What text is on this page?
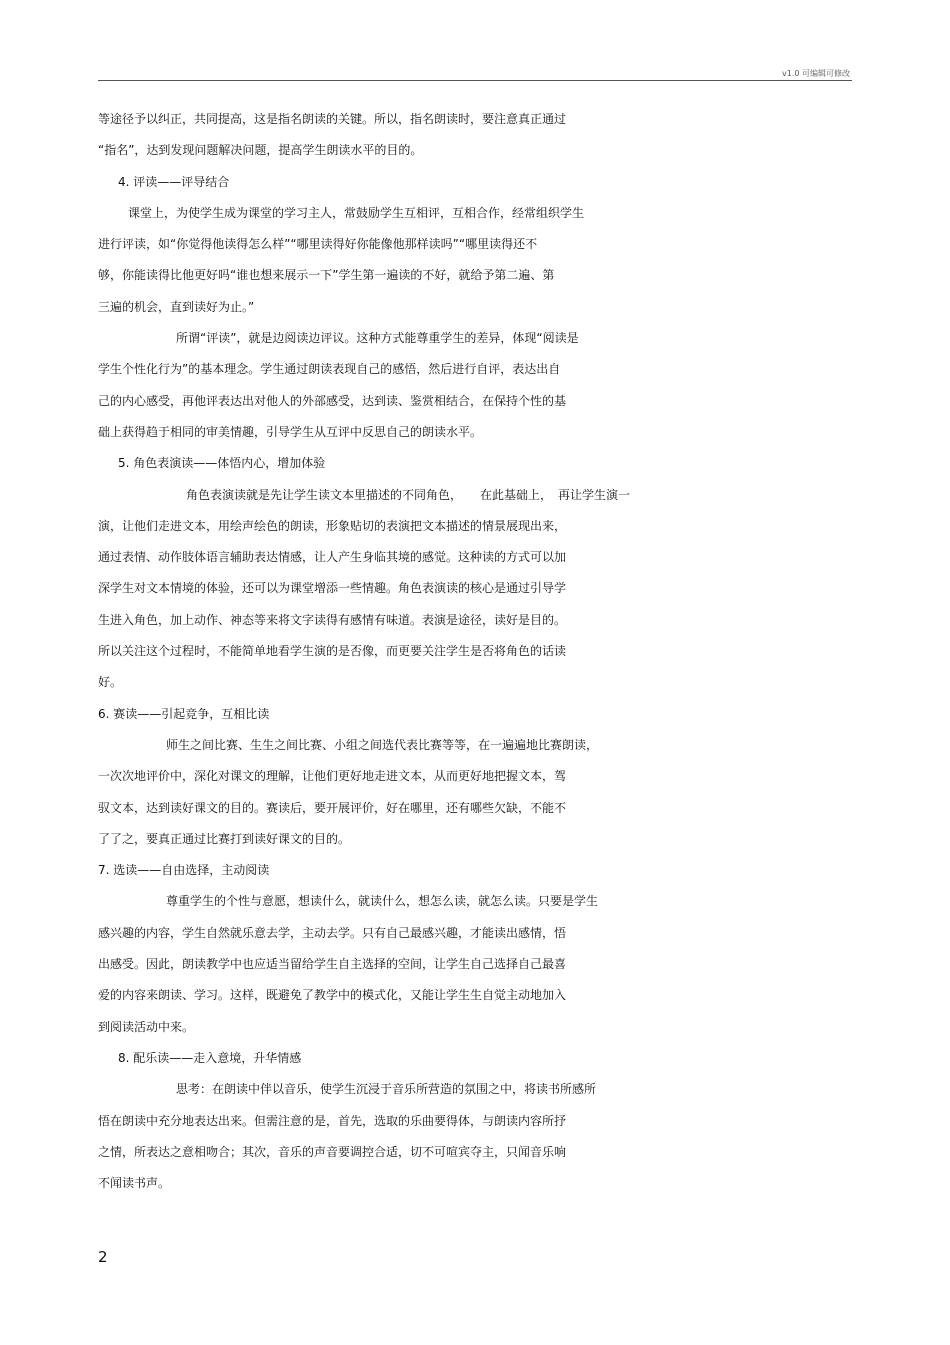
v1.0 可编辑可修改
等途径予以纠正，共同提高，这是指名朗读的关键。所以，指名朗读时，要注意真正通过
“指名”，达到发现问题解决问题，提高学生朗读水平的目的。
4. 评读——评导结合
课堂上，为使学生成为课堂的学习主人，常鼓励学生互相评，互相合作，经常组织学生
进行评读，如“你觉得他读得怎么样”“哪里读得好你能像他那样读吗”“哪里读得还不
够，你能读得比他更好吗“谁也想来展示一下”学生第一遍读的不好，就给予第二遍、第
三遍的机会，直到读好为止。”
所谓“评读”，就是边阅读边评议。这种方式能尊重学生的差异，体现“阅读是
学生个性化行为”的基本理念。学生通过朗读表现自己的感悟，然后进行自评，表达出自
己的内心感受，再他评表达出对他人的外部感受，达到读、鉴赏相结合，在保持个性的基
础上获得趋于相同的审美情趣，引导学生从互评中反思自己的朗读水平。
5. 角色表演读——体悟内心，增加体验
角色表演读就是先让学生读文本里描述的不同角色，　　在此基础上，　再让学生演一
演，让他们走进文本，用绘声绘色的朗读，形象贴切的表演把文本描述的情景展现出来，
通过表情、动作肢体语言辅助表达情感，让人产生身临其境的感觉。这种读的方式可以加
深学生对文本情境的体验，还可以为课堂增添一些情趣。角色表演读的核心是通过引导学
生进入角色，加上动作、神态等来将文字读得有感情有味道。表演是途径，读好是目的。
所以关注这个过程时，不能简单地看学生演的是否像，而更要关注学生是否将角色的话读
好。
6. 赛读——引起竞争，互相比读
师生之间比赛、生生之间比赛、小组之间选代表比赛等等，在一遍遍地比赛朗读，
一次次地评价中，深化对课文的理解，让他们更好地走进文本，从而更好地把握文本，驾
驭文本，达到读好课文的目的。赛读后，要开展评价，好在哪里，还有哪些欠缺，不能不
了了之，要真正通过比赛打到读好课文的目的。
7. 选读——自由选择，主动阅读
尊重学生的个性与意愿，想读什么，就读什么，想怎么读，就怎么读。只要是学生
感兴趣的内容，学生自然就乐意去学，主动去学。只有自己最感兴趣，才能读出感情，悟
出感受。因此，朗读教学中也应适当留给学生自主选择的空间，让学生自己选择自己最喜
爱的内容来朗读、学习。这样，既避免了教学中的模式化，又能让学生生自觉主动地加入
到阅读活动中来。
8. 配乐读——走入意境，升华情感
思考：在朗读中伴以音乐，使学生沉浸于音乐所营造的氛围之中，将读书所感所
悟在朗读中充分地表达出来。但需注意的是，首先，选取的乐曲要得体，与朗读内容所抒
之情，所表达之意相吻合；其次，音乐的声音要调控合适，切不可喧宾夺主，只闻音乐响
不闻读书声。
2
